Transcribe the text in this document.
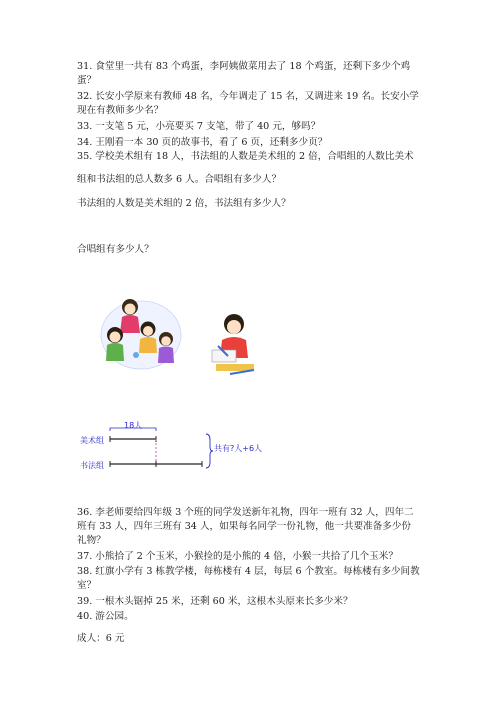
31. 食堂里一共有 83 个鸡蛋，李阿姨做菜用去了 18 个鸡蛋，还剩下多少个鸡
蛋？
32. 长安小学原来有教师 48 名，今年调走了 15 名，又调进来 19 名。长安小学
现在有教师多少名？
33. 一支笔 5 元，小亮要买 7 支笔，带了 40 元，够吗？
34. 王刚看一本 30 页的故事书，看了 6 页，还剩多少页？
35. 学校美术组有 18 人，书法组的人数是美术组的 2 倍，合唱组的人数比美术
组和书法组的总人数多 6 人。合唱组有多少人？
书法组的人数是美术组的 2 倍，书法组有多少人？
合唱组有多少人？
18人
美术组
书法组
共有?人+6人
36. 李老师要给四年级 3 个班的同学发送新年礼物，四年一班有 32 人，四年二
班有 33 人，四年三班有 34 人，如果每名同学一份礼物，他一共要准备多少份
礼物？
37. 小熊拾了 2 个玉米，小猴捡的是小熊的 4 倍，小猴一共拾了几个玉米？
38. 红旗小学有 3 栋教学楼，每栋楼有 4 层，每层 6 个教室。每栋楼有多少间教
室？
39. 一根木头锯掉 25 米，还剩 60 米，这根木头原来长多少米？
40. 游公园。
成人：6 元
